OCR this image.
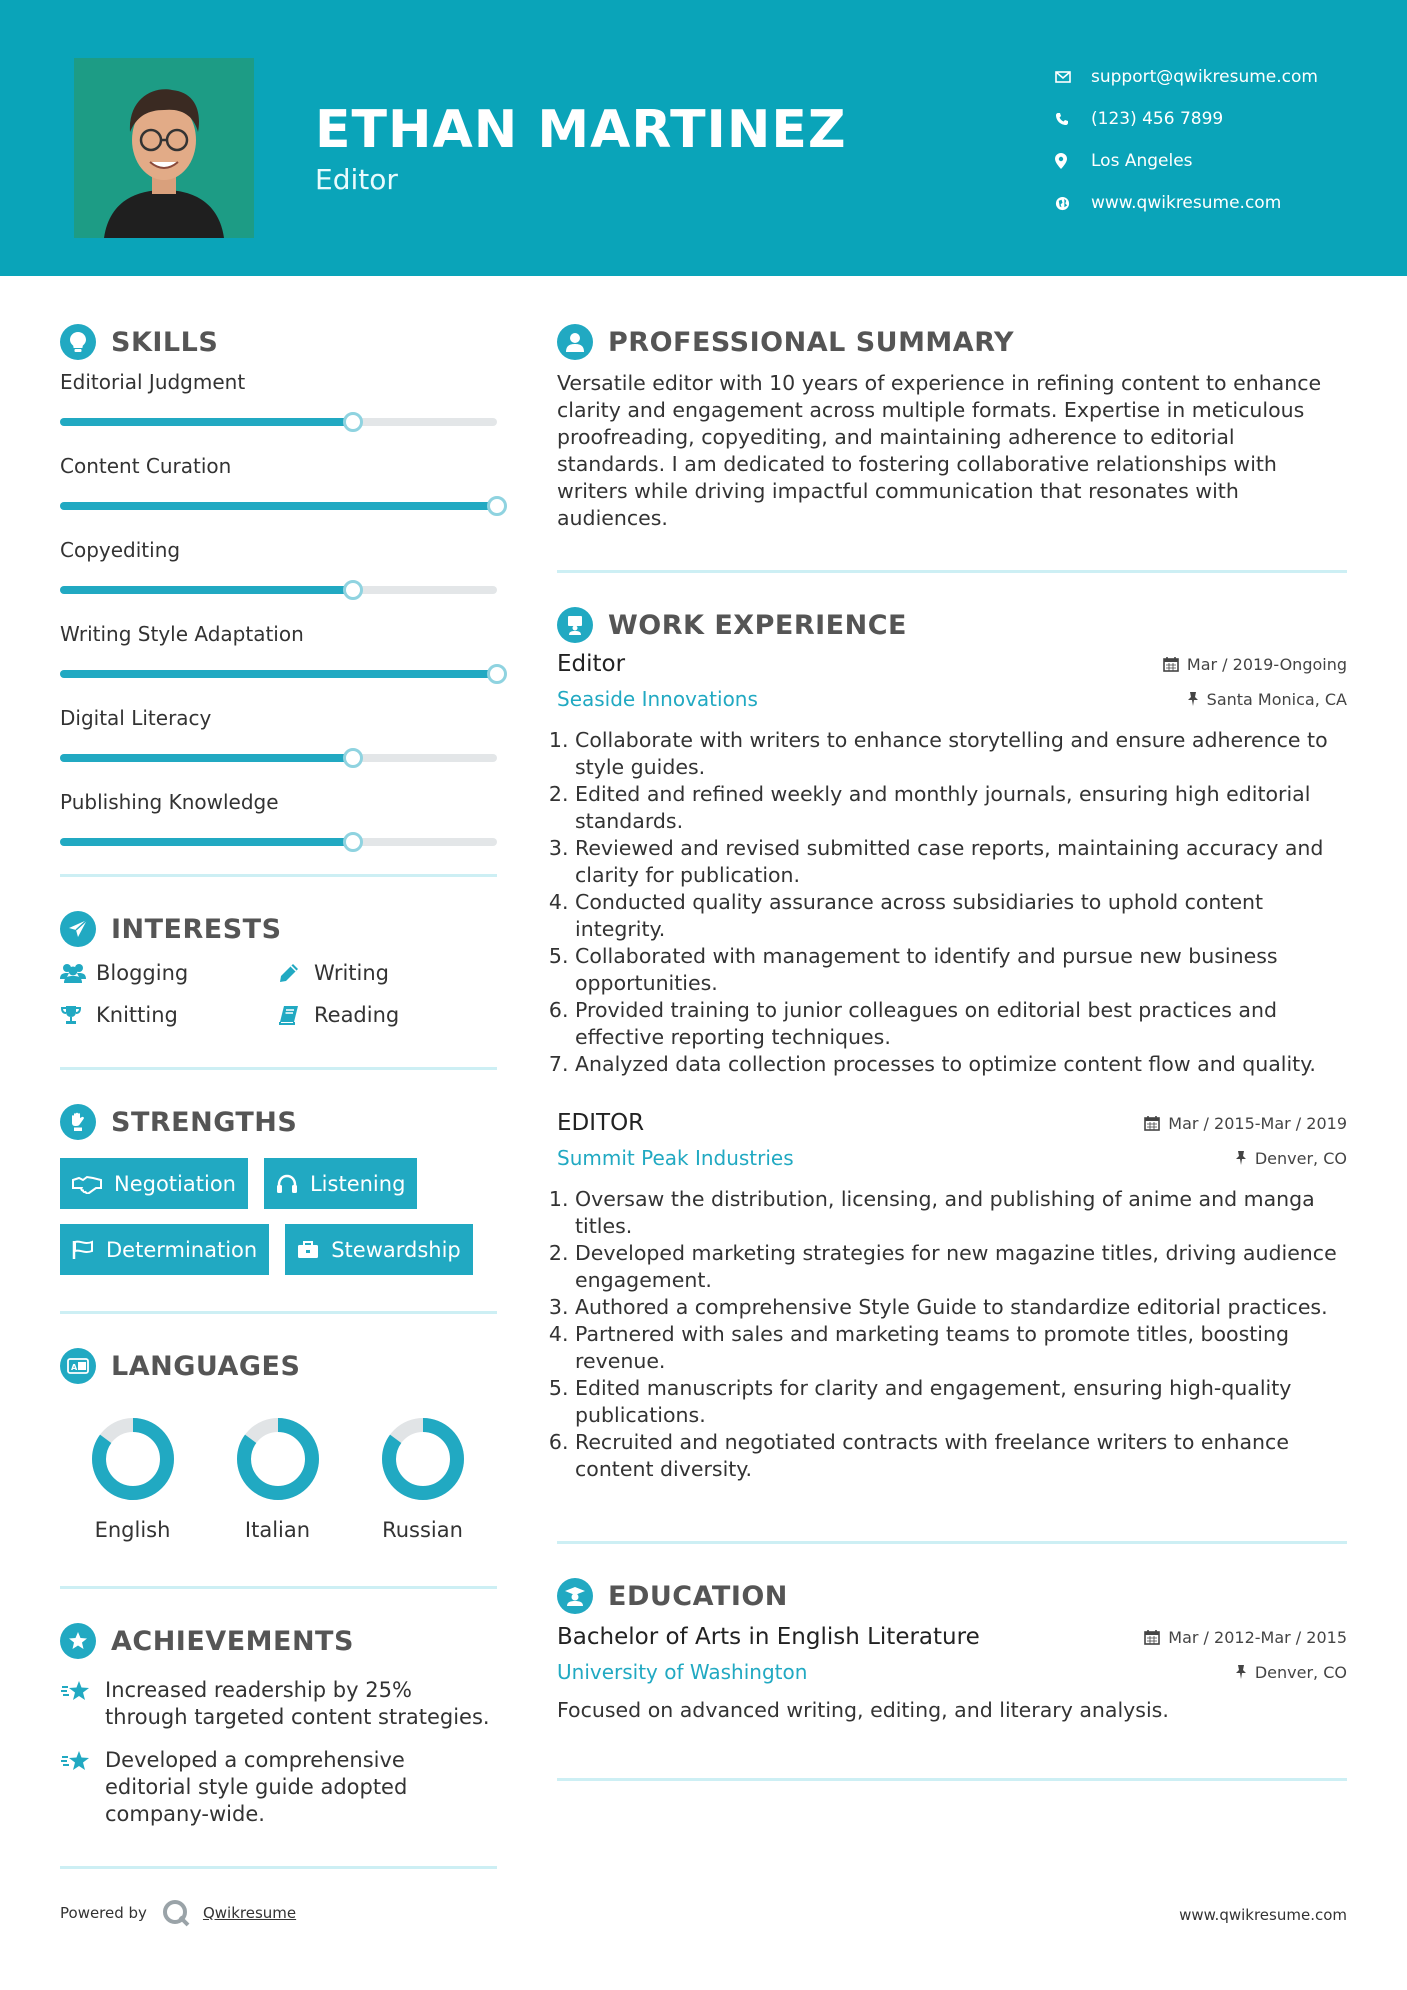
ETHAN MARTINEZ
Editor
support@qwikresume.com
(123) 456 7899
Los Angeles
www.qwikresume.com
SKILLS
Editorial Judgment
Content Curation
Copyediting
Writing Style Adaptation
Digital Literacy
Publishing Knowledge
INTERESTS
Blogging	Writing
Knitting	Reading
STRENGTHS
Negotiation	Listening
Determination	Stewardship
A LANGUAGES
English	Italian	Russian
ACHIEVEMENTS
Increased readership by 25% through targeted content strategies.
Developed a comprehensive editorial style guide adopted company-wide.
PROFESSIONAL SUMMARY

Versatile editor with 10 years of experience in refining content to enhance clarity and engagement across multiple formats. Expertise in meticulous proofreading, copyediting, and maintaining adherence to editorial standards. I am dedicated to fostering collaborative relationships with writers while driving impactful communication that resonates with audiences.

WORK EXPERIENCE
Editor	Mar / 2019-Ongoing
Seaside Innovations	Santa Monica, CA
1. Collaborate with writers to enhance storytelling and ensure adherence to style guides.
2. Edited and refined weekly and monthly journals, ensuring high editorial standards.
3. Reviewed and revised submitted case reports, maintaining accuracy and clarity for publication.
4. Conducted quality assurance across subsidiaries to uphold content integrity.
5. Collaborated with management to identify and pursue new business opportunities.
6. Provided training to junior colleagues on editorial best practices and effective reporting techniques.
7. Analyzed data collection processes to optimize content flow and quality.
EDITOR	Mar / 2015-Mar / 2019
Summit Peak Industries	Denver, CO
1. Oversaw the distribution, licensing, and publishing of anime and manga titles.
2. Developed marketing strategies for new magazine titles, driving audience engagement.
3. Authored a comprehensive Style Guide to standardize editorial practices.
4. Partnered with sales and marketing teams to promote titles, boosting revenue.
5. Edited manuscripts for clarity and engagement, ensuring high-quality publications.
6. Recruited and negotiated contracts with freelance writers to enhance content diversity.
EDUCATION
Bachelor of Arts in English Literature	Mar / 2012-Mar / 2015
University of Washington	Denver, CO

Focused on advanced writing, editing, and literary analysis.

Powered by	Qwikresume	www.qwikresume.com
